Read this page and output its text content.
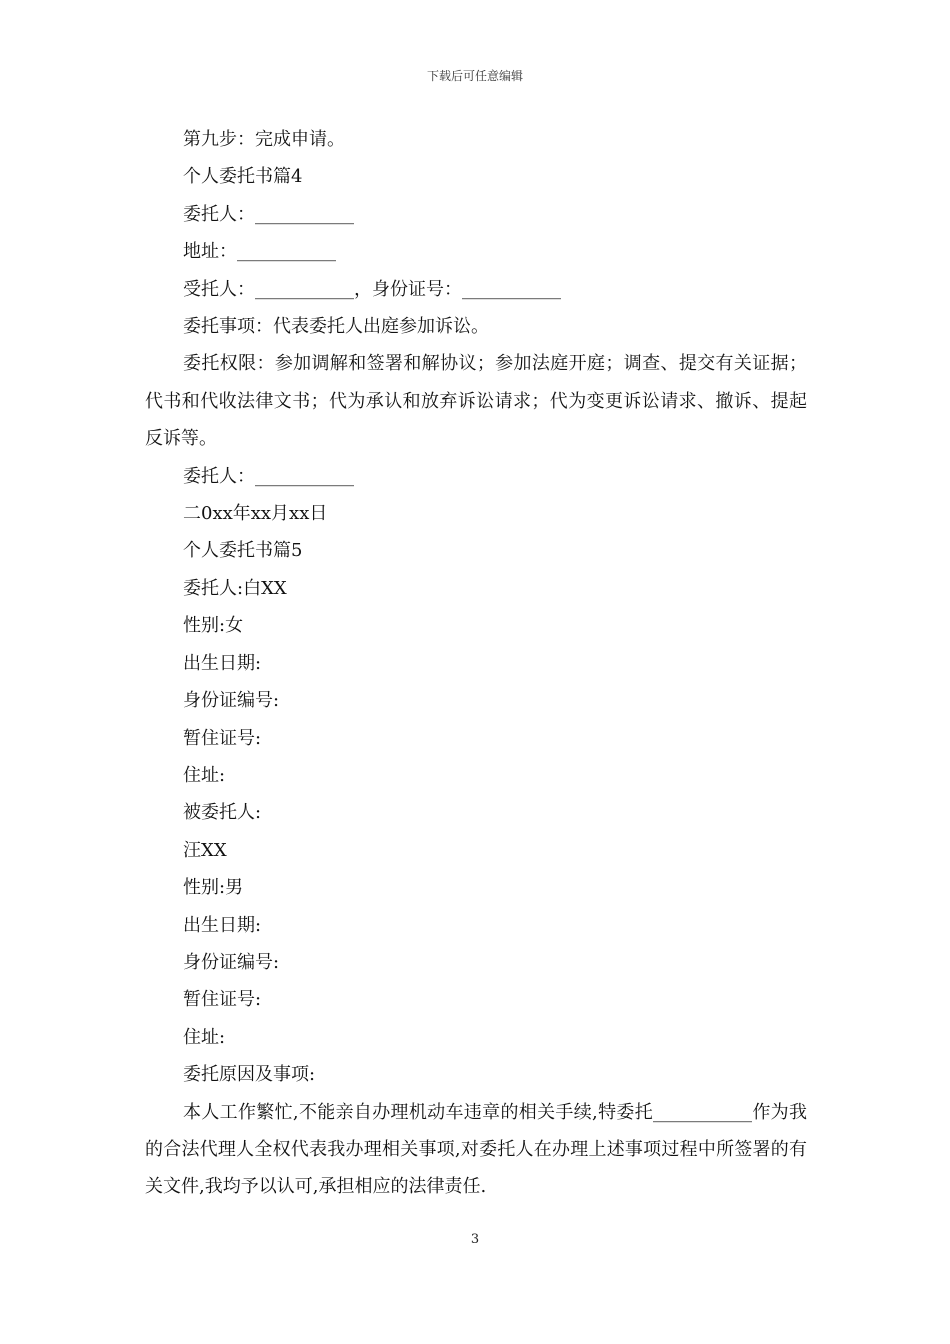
下载后可任意编辑

第九步：完成申请。

个人委托书篇4

委托人：___________

地址：___________

受托人：___________，身份证号：___________

委托事项：代表委托人出庭参加诉讼。

委托权限：参加调解和签署和解协议；参加法庭开庭；调查、提交有关证据；代书和代收法律文书；代为承认和放弃诉讼请求；代为变更诉讼请求、撤诉、提起反诉等。

委托人：___________

二0xx年xx月xx日

个人委托书篇5

委托人:白XX

性别:女

出生日期:

身份证编号:

暂住证号:

住址:

被委托人:

汪XX

性别:男

出生日期:

身份证编号:

暂住证号:

住址:

委托原因及事项:

本人工作繁忙,不能亲自办理机动车违章的相关手续,特委托___________作为我的合法代理人全权代表我办理相关事项,对委托人在办理上述事项过程中所签署的有关文件,我均予以认可,承担相应的法律责任.

3
